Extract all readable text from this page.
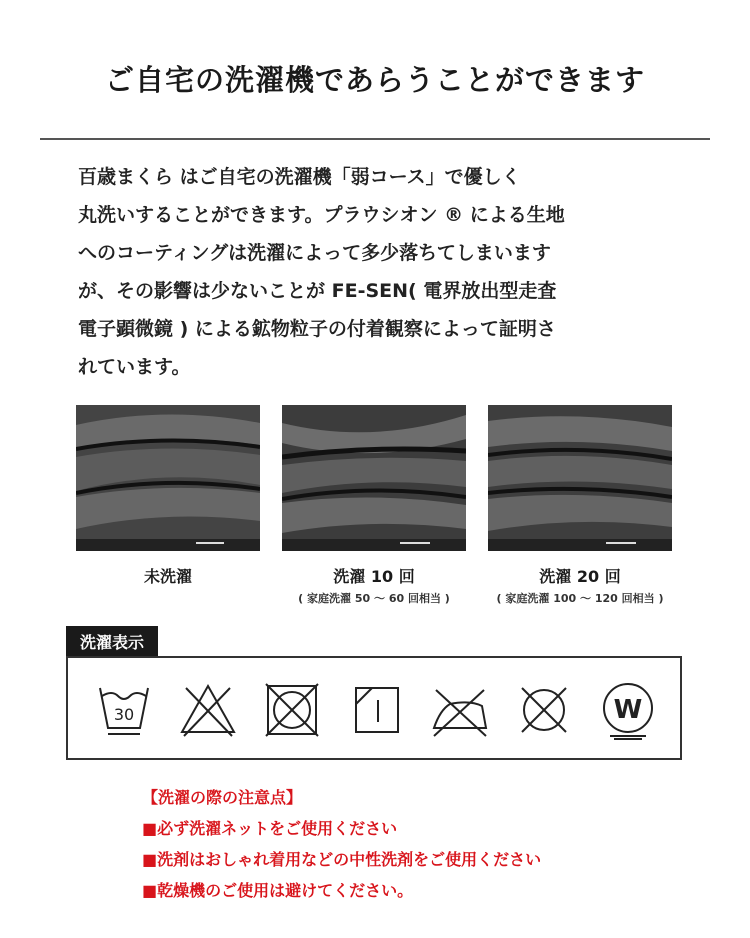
ご自宅の洗濯機であらうことができます
百歳まくら はご自宅の洗濯機「弱コース」で優しく
丸洗いすることができます。プラウシオン ® による生地
へのコーティングは洗濯によって多少落ちてしまいます
が、その影響は少ないことが FE-SEN( 電界放出型走査
電子顕微鏡 ) による鉱物粒子の付着観察によって証明さ
れています。
未洗濯	洗濯 10 回
( 家庭洗濯 50 ～ 60 回相当 )
洗濯 20 回
( 家庭洗濯 100 ～ 120 回相当 )
洗濯表示
30	W
【洗濯の際の注意点】
■必ず洗濯ネットをご使用ください
■洗剤はおしゃれ着用などの中性洗剤をご使用ください
■乾燥機のご使用は避けてください。
